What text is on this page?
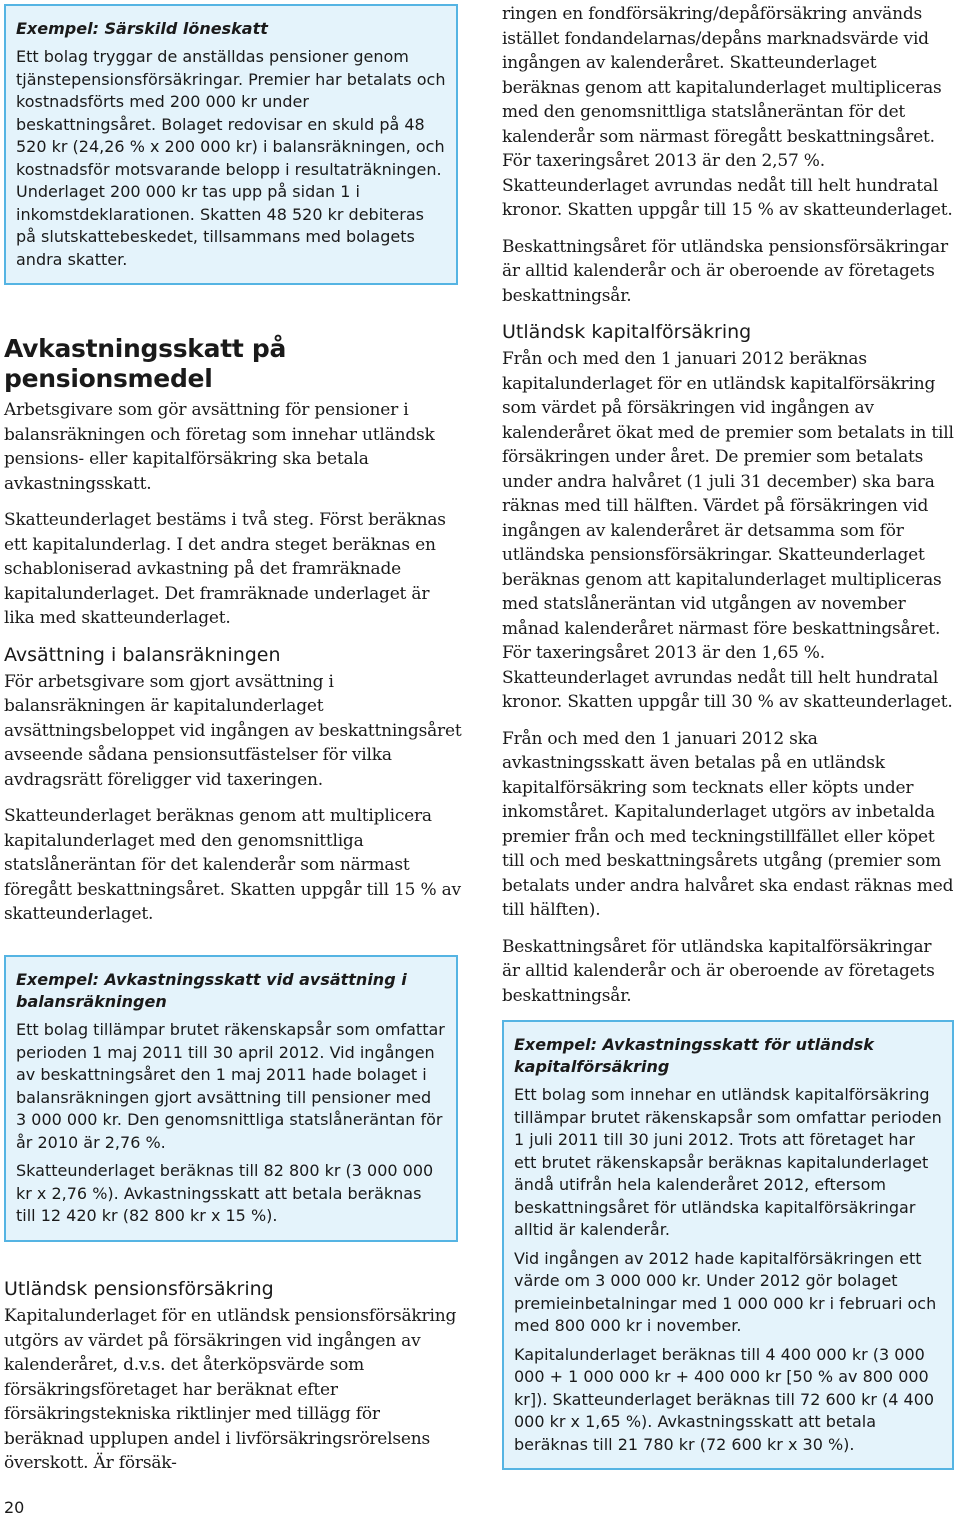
Exempel: Särskild löneskatt

Ett bolag tryggar de anställdas pensioner genom tjänstepensionsförsäkringar. Premier har betalats och kostnadsförts med 200 000 kr under beskattningsåret. Bolaget redovisar en skuld på 48 520 kr (24,26 % x 200 000 kr) i balansräkningen, och kostnadsför motsvarande belopp i resultaträkningen. Underlaget 200 000 kr tas upp på sidan 1 i inkomstdeklarationen. Skatten 48 520 kr debiteras på slutskattebeskedet, tillsammans med bolagets andra skatter.

Avkastningsskatt på pensionsmedel

Arbetsgivare som gör avsättning för pensioner i balansräkningen och företag som innehar utländsk pensions- eller kapitalförsäkring ska betala avkastningsskatt.

Skatteunderlaget bestäms i två steg. Först beräknas ett kapitalunderlag. I det andra steget beräknas en schabloniserad avkastning på det framräknade kapitalunderlaget. Det framräknade underlaget är lika med skatteunderlaget.

Avsättning i balansräkningen

För arbetsgivare som gjort avsättning i balansräkningen är kapitalunderlaget avsättningsbeloppet vid ingången av beskattningsåret avseende sådana pensionsutfästelser för vilka avdragsrätt föreligger vid taxeringen.

Skatteunderlaget beräknas genom att multiplicera kapitalunderlaget med den genomsnittliga statslåneräntan för det kalenderår som närmast föregått beskattningsåret. Skatten uppgår till 15 % av skatteunderlaget.

Exempel: Avkastningsskatt vid avsättning i balansräkningen

Ett bolag tillämpar brutet räkenskapsår som omfattar perioden 1 maj 2011 till 30 april 2012. Vid ingången av beskattningsåret den 1 maj 2011 hade bolaget i balansräkningen gjort avsättning till pensioner med 3 000 000 kr. Den genomsnittliga statslåneräntan för år 2010 är 2,76 %.

Skatteunderlaget beräknas till 82 800 kr (3 000 000 kr x 2,76 %). Avkastningsskatt att betala beräknas till 12 420 kr (82 800 kr x 15 %).

Utländsk pensionsförsäkring

Kapitalunderlaget för en utländsk pensionsförsäkring utgörs av värdet på försäkringen vid ingången av kalenderåret, d.v.s. det återköpsvärde som försäkringsföretaget har beräknat efter försäkringstekniska riktlinjer med tillägg för beräknad upplupen andel i livförsäkringsrörelsens överskott. Är försäk-

ringen en fondförsäkring/depåförsäkring används istället fondandelarnas/depåns marknadsvärde vid ingången av kalenderåret. Skatteunderlaget beräknas genom att kapitalunderlaget multipliceras med den genomsnittliga statslåneräntan för det kalenderår som närmast föregått beskattningsåret. För taxeringsåret 2013 är den 2,57 %. Skatteunderlaget avrundas nedåt till helt hundratal kronor. Skatten uppgår till 15 % av skatteunderlaget.

Beskattningsåret för utländska pensionsförsäkringar är alltid kalenderår och är oberoende av företagets beskattningsår.

Utländsk kapitalförsäkring

Från och med den 1 januari 2012 beräknas kapitalunderlaget för en utländsk kapitalförsäkring som värdet på försäkringen vid ingången av kalenderåret ökat med de premier som betalats in till försäkringen under året. De premier som betalats under andra halvåret (1 juli 31 december) ska bara räknas med till hälften. Värdet på försäkringen vid ingången av kalenderåret är detsamma som för utländska pensionsförsäkringar. Skatteunderlaget beräknas genom att kapitalunderlaget multipliceras med statslåneräntan vid utgången av november månad kalenderåret närmast före beskattningsåret. För taxeringsåret 2013 är den 1,65 %. Skatteunderlaget avrundas nedåt till helt hundratal kronor. Skatten uppgår till 30 % av skatteunderlaget.

Från och med den 1 januari 2012 ska avkastningsskatt även betalas på en utländsk kapitalförsäkring som tecknats eller köpts under inkomståret. Kapitalunderlaget utgörs av inbetalda premier från och med teckningstillfället eller köpet till och med beskattningsårets utgång (premier som betalats under andra halvåret ska endast räknas med till hälften).

Beskattningsåret för utländska kapitalförsäkringar är alltid kalenderår och är oberoende av företagets beskattningsår.

Exempel: Avkastningsskatt för utländsk kapitalförsäkring

Ett bolag som innehar en utländsk kapitalförsäkring tillämpar brutet räkenskapsår som omfattar perioden 1 juli 2011 till 30 juni 2012. Trots att företaget har ett brutet räkenskapsår beräknas kapitalunderlaget ändå utifrån hela kalenderåret 2012, eftersom beskattningsåret för utländska kapitalförsäkringar alltid är kalenderår.

Vid ingången av 2012 hade kapitalförsäkringen ett värde om 3 000 000 kr. Under 2012 gör bolaget premieinbetalningar med 1 000 000 kr i februari och med 800 000 kr i november.

Kapitalunderlaget beräknas till 4 400 000 kr (3 000 000 + 1 000 000 kr + 400 000 kr [50 % av 800 000 kr]). Skatteunderlaget beräknas till 72 600 kr (4 400 000 kr x 1,65 %). Avkastningsskatt att betala beräknas till 21 780 kr (72 600 kr x 30 %).

20
